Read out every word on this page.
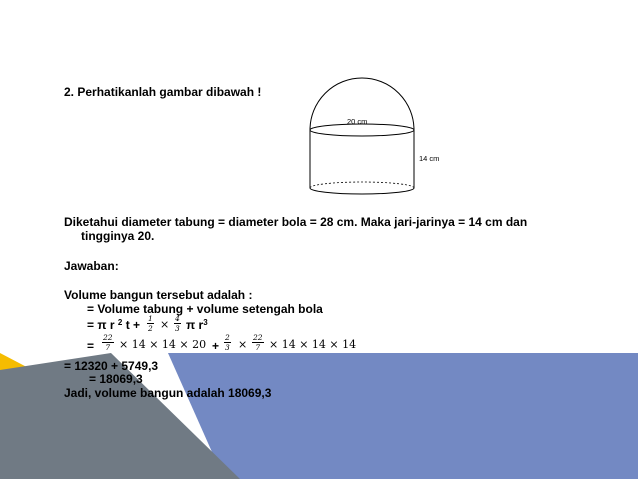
2. Perhatikanlah gambar dibawah !
20 cm
14 cm
Diketahui diameter tabung = diameter bola = 28 cm. Maka jari-jarinya = 14 cm dan
tingginya 20.
Jawaban:
Volume bangun tersebut adalah :
= Volume tabung + volume setengah bola
= π r $^2$ $t + \frac{1}{2} \times \frac{4}{3}$ π $r^3$
= $\frac{22}{7} \times 14 \times 14 \times 20 + \frac{2}{3} \times \frac{22}{7} \times 14 \times 14 \times 14$
= 12320 + 5749,3
= 18069,3
Jadi, volume bangun adalah 18069,3
